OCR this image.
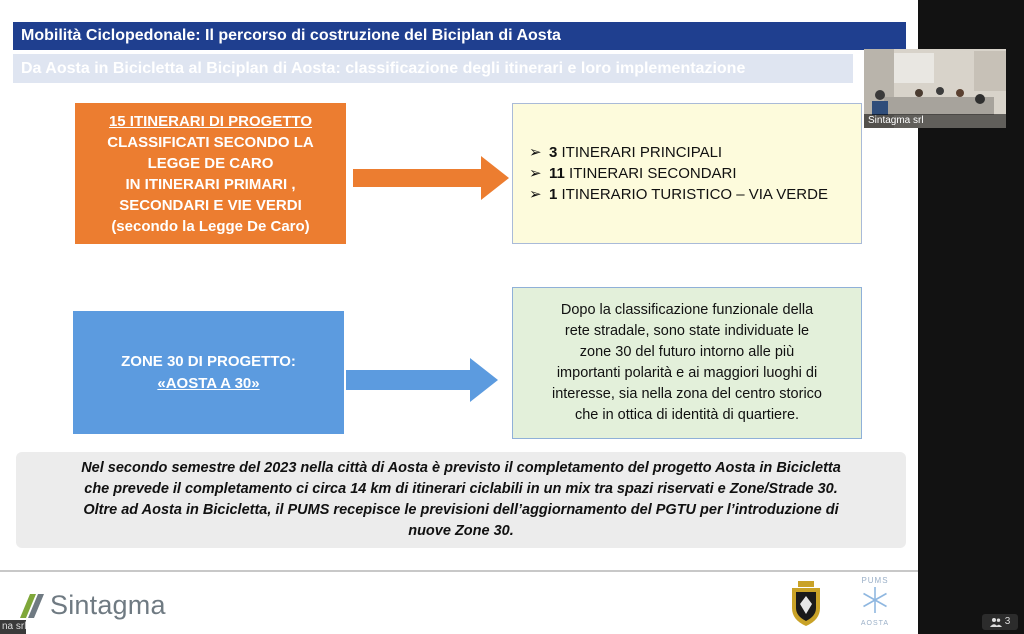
Mobilità Ciclopedonale: Il percorso di costruzione del Biciplan di Aosta
Da Aosta in Bicicletta al Biciplan di Aosta: classificazione degli itinerari e loro implementazione
15 ITINERARI DI PROGETTO
CLASSIFICATI SECONDO LA
LEGGE DE CARO
IN ITINERARI PRIMARI ,
SECONDARI E VIE VERDI
(secondo la Legge De Caro)
➢ 3 ITINERARI PRINCIPALI
➢ 11 ITINERARI SECONDARI
➢ 1 ITINERARIO TURISTICO – VIA VERDE
ZONE 30 DI PROGETTO:
«AOSTA A 30»
Dopo la classificazione funzionale della
rete stradale, sono state individuate le
zone 30 del futuro intorno alle più
importanti polarità e ai maggiori luoghi di
interesse, sia nella zona del centro storico
che in ottica di identità di quartiere.
Nel secondo semestre del 2023 nella città di Aosta è previsto il completamento del progetto Aosta in Bicicletta
che prevede il completamento ci circa 14 km di itinerari ciclabili in un mix tra spazi riservati e Zone/Strade 30.
Oltre ad Aosta in Bicicletta, il PUMS recepisce le previsioni dell’aggiornamento del PGTU per l’introduzione di
nuove Zone 30.
Sintagma
PUMS
AOSTA
Sintagma srl
na srl	3
